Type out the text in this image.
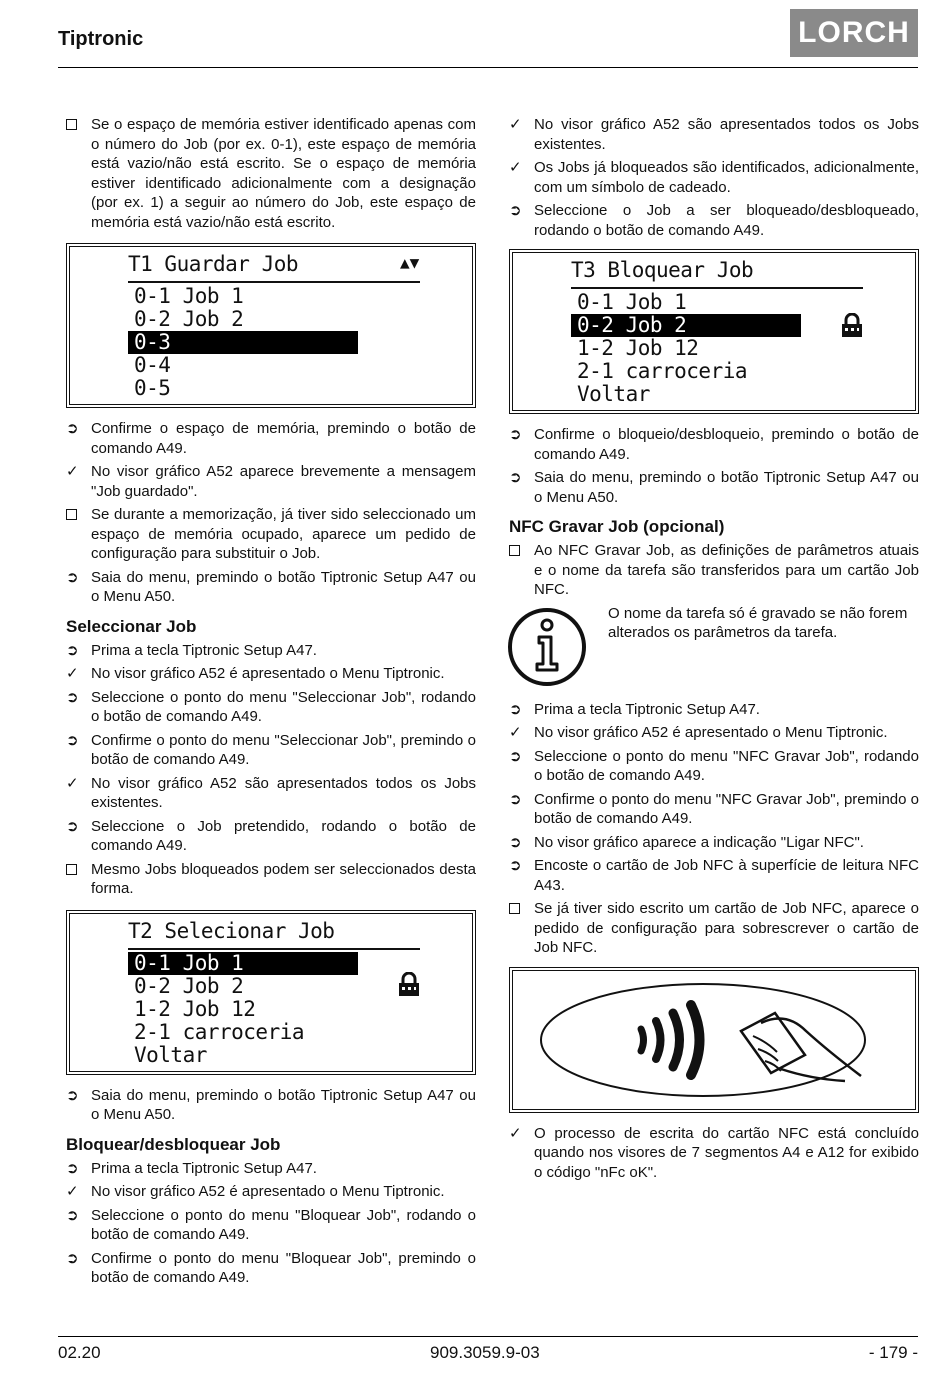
Tiptronic	LORCH
Se o espaço de memória estiver identificado apenas com o número do Job (por ex. 0-1), este espaço de memória está vazio/não está escrito. Se o espaço de memória estiver identificado adicionalmente com a designação (por ex. 1) a seguir ao número do Job, este espaço de memória está vazio/não está escrito.
T1 Guardar Job	▲▼
0-1 Job 1
0-2 Job 2
0-3
0-4
0-5
➲ Confirme o espaço de memória, premindo o botão de comando A49.
✓ No visor gráfico A52 aparece brevemente a mensagem "Job guardado".
Se durante a memorização, já tiver sido seleccionado um espaço de memória ocupado, aparece um pedido de configuração para substituir o Job.
➲ Saia do menu, premindo o botão Tiptronic Setup A47 ou o Menu A50.
Seleccionar Job
➲ Prima a tecla Tiptronic Setup A47.
✓ No visor gráfico A52 é apresentado o Menu Tiptronic.
➲ Seleccione o ponto do menu "Seleccionar Job", rodando o botão de comando A49.
➲ Confirme o ponto do menu "Seleccionar Job", premindo o botão de comando A49.
✓ No visor gráfico A52 são apresentados todos os Jobs existentes.
➲ Seleccione o Job pretendido, rodando o botão de comando A49.
Mesmo Jobs bloqueados podem ser seleccionados desta forma.
T2 Selecionar Job
0-1 Job 1
0-2 Job 2
1-2 Job 12
2-1 carroceria
Voltar
➲ Saia do menu, premindo o botão Tiptronic Setup A47 ou o Menu A50.
Bloquear/desbloquear Job
➲ Prima a tecla Tiptronic Setup A47.
✓ No visor gráfico A52 é apresentado o Menu Tiptronic.
➲ Seleccione o ponto do menu "Bloquear Job", rodando o botão de comando A49.
➲ Confirme o ponto do menu "Bloquear Job", premindo o botão de comando A49.
✓ No visor gráfico A52 são apresentados todos os Jobs existentes.
✓ Os Jobs já bloqueados são identificados, adicionalmente, com um símbolo de cadeado.
➲ Seleccione o Job a ser bloqueado/desbloqueado, rodando o botão de comando A49.
T3 Bloquear Job
0-1 Job 1
0-2 Job 2
1-2 Job 12
2-1 carroceria
Voltar
➲ Confirme o bloqueio/desbloqueio, premindo o botão de comando A49.
➲ Saia do menu, premindo o botão Tiptronic Setup A47 ou o Menu A50.
NFC Gravar Job (opcional)
Ao NFC Gravar Job, as definições de parâmetros atuais e o nome da tarefa são transferidos para um cartão Job NFC.
O nome da tarefa só é gravado se não forem alterados os parâmetros da tarefa.
➲ Prima a tecla Tiptronic Setup A47.
✓ No visor gráfico A52 é apresentado o Menu Tiptronic.
➲ Seleccione o ponto do menu "NFC Gravar Job", rodando o botão de comando A49.
➲ Confirme o ponto do menu "NFC Gravar Job", premindo o botão de comando A49.
➲ No visor gráfico aparece a indicação "Ligar NFC".
➲ Encoste o cartão de Job NFC à superfície de leitura NFC A43.
Se já tiver sido escrito um cartão de Job NFC, aparece o pedido de configuração para sobrescrever o cartão de Job NFC.
✓ O processo de escrita do cartão NFC está concluído quando nos visores de 7 segmentos A4 e A12 for exibido o código "nFc oK".
02.20	909.3059.9-03	- 179 -
